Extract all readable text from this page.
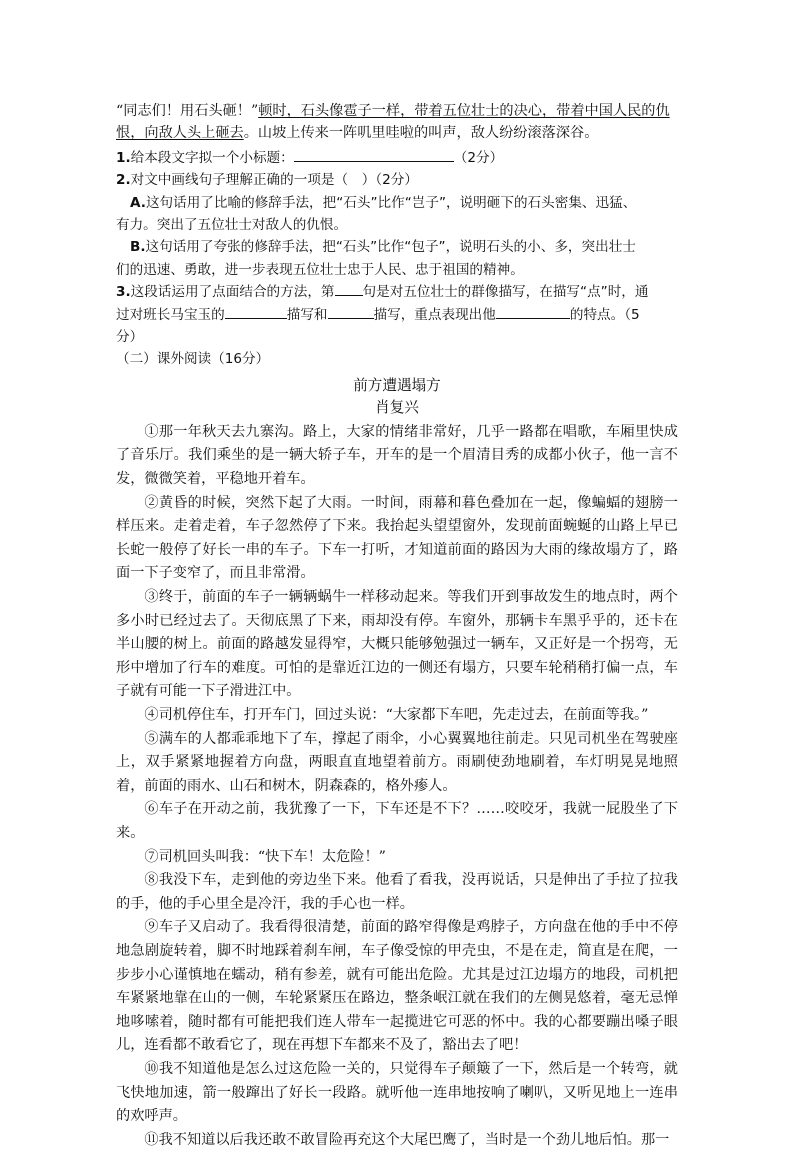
“同志们！用石头砸！”顿时，石头像雹子一样，带着五位壮士的决心，带着中国人民的仇

恨，向敌人头上砸去。山坡上传来一阵叽里哇啦的叫声，敌人纷纷滚落深谷。

1.给本段文字拟一个小标题：	（2分）

2.对文中画线句子理解正确的一项是（　）（2分）

A.这句话用了比喻的修辞手法，把“石头”比作“岂子”，说明砸下的石头密集、迅猛、

有力。突出了五位壮士对敌人的仇恨。

B.这句话用了夸张的修辞手法，把“石头”比作“包子”，说明石头的小、多，突出壮士

们的迅速、勇敢，进一步表现五位壮士忠于人民、忠于祖国的精神。

3.这段话运用了点面结合的方法，第 句是对五位壮士的群像描写，在描写“点”时，通

过对班长马宝玉的	描写和	描写，重点表现出他	的特点。（5

分）

（二）课外阅读（16分）

前方遭遇塌方

肖复兴

①那一年秋天去九寨沟。路上，大家的情绪非常好，几乎一路都在唱歌，车厢里快成了音乐厅。我们乘坐的是一辆大轿子车，开车的是一个眉清目秀的成都小伙子，他一言不发，微微笑着，平稳地开着车。

②黄昏的时候，突然下起了大雨。一时间，雨幕和暮色叠加在一起，像蝙蝠的翅膀一样压来。走着走着，车子忽然停了下来。我抬起头望望窗外，发现前面蜿蜒的山路上早已长蛇一般停了好长一串的车子。下车一打听，才知道前面的路因为大雨的缘故塌方了，路面一下子变窄了，而且非常滑。

③终于，前面的车子一辆辆蜗牛一样移动起来。等我们开到事故发生的地点时，两个多小时已经过去了。天彻底黑了下来，雨却没有停。车窗外，那辆卡车黑乎乎的，还卡在半山腰的树上。前面的路越发显得窄，大概只能够勉强过一辆车，又正好是一个拐弯，无形中增加了行车的难度。可怕的是靠近江边的一侧还有塌方，只要车轮稍稍打偏一点，车子就有可能一下子滑进江中。

④司机停住车，打开车门，回过头说：“大家都下车吧，先走过去，在前面等我。”

⑤满车的人都乖乖地下了车，撑起了雨伞，小心翼翼地往前走。只见司机坐在驾驶座上，双手紧紧地握着方向盘，两眼直直地望着前方。雨刷使劲地刷着，车灯明晃晃地照着，前面的雨水、山石和树木，阴森森的，格外瘆人。

⑥车子在开动之前，我犹豫了一下，下车还是不下？……咬咬牙，我就一屁股坐了下来。

⑦司机回头叫我：“快下车！太危险！”

⑧我没下车，走到他的旁边坐下来。他看了看我，没再说话，只是伸出了手拉了拉我的手，他的手心里全是冷汗，我的手心也一样。

⑨车子又启动了。我看得很清楚，前面的路窄得像是鸡脖子，方向盘在他的手中不停地急剧旋转着，脚不时地踩着刹车闸，车子像受惊的甲壳虫，不是在走，简直是在爬，一步步小心谨慎地在蠕动，稍有参差，就有可能出危险。尤其是过江边塌方的地段，司机把车紧紧地靠在山的一侧，车轮紧紧压在路边，整条岷江就在我们的左侧晃悠着，毫无忌惮地哆嗦着，随时都有可能把我们连人带车一起揽进它可恶的怀中。我的心都要蹦出嗓子眼儿，连看都不敢看它了，现在再想下车都来不及了，豁出去了吧！

⑩我不知道他是怎么过这危险一关的，只觉得车子颠簸了一下，然后是一个转弯，就飞快地加速，箭一般蹿出了好长一段路。就听他一连串地按响了喇叭，又听见地上一连串的欢呼声。

⑪我不知道以后我还敢不敢冒险再充这个大尾巴鹰了，当时是一个劲儿地后怕。那一
